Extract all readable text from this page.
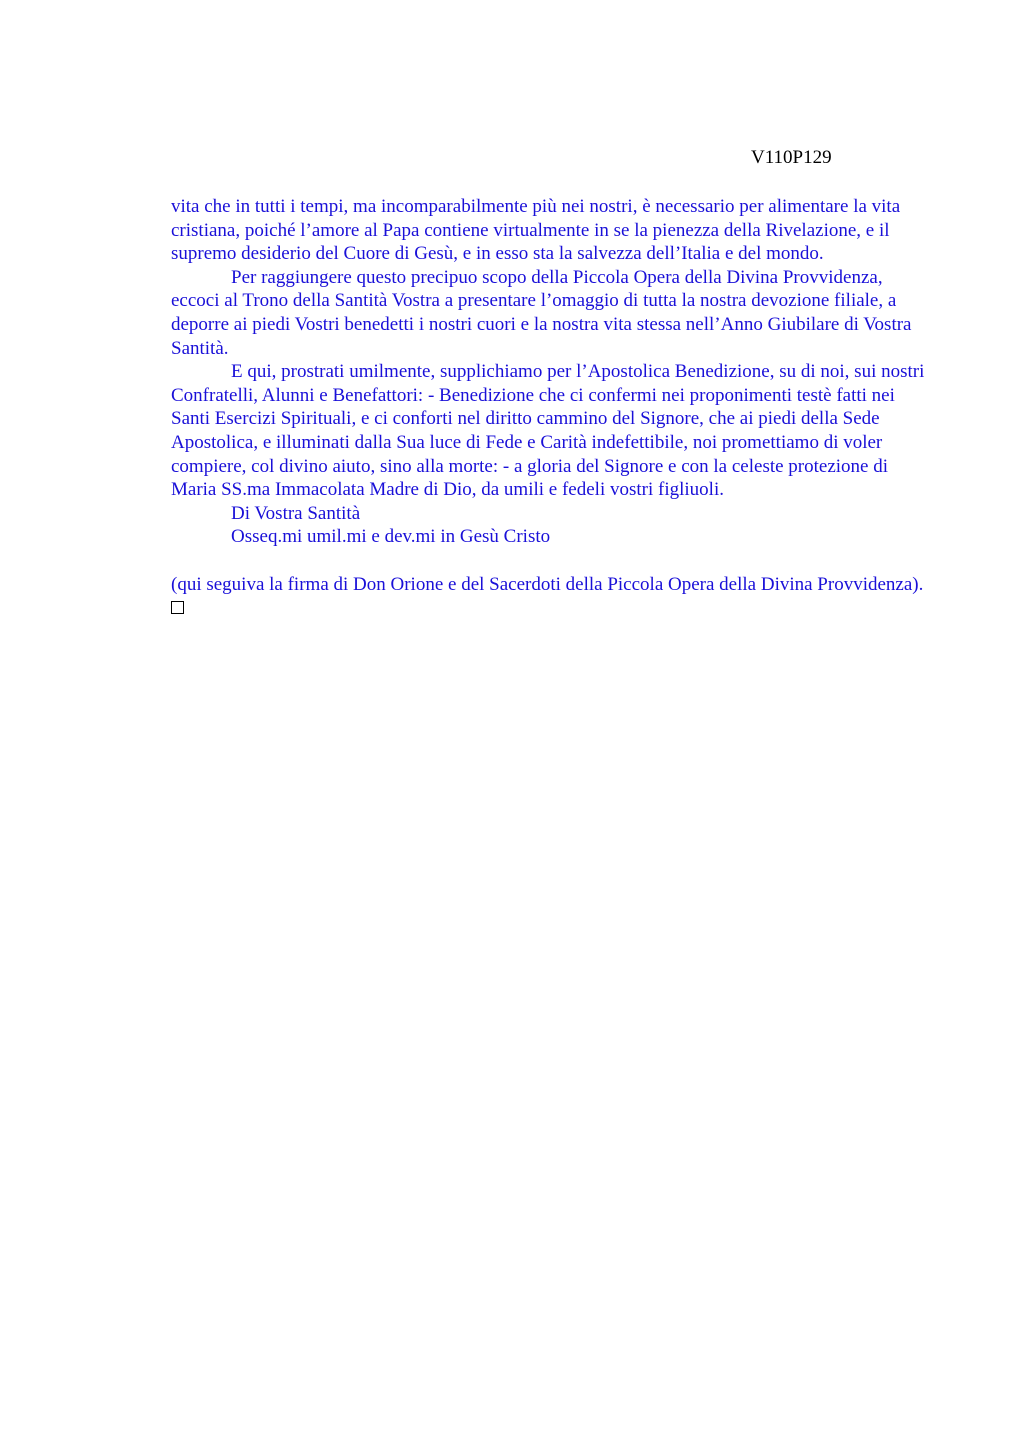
V110P129

vita che in tutti i tempi, ma incomparabilmente più nei nostri, è necessario per alimentare la vita cristiana, poiché l’amore al Papa contiene virtualmente in se la pienezza della Rivelazione, e il supremo desiderio del Cuore di Gesù, e in esso sta la salvezza dell’Italia e del mondo.

Per raggiungere questo precipuo scopo della Piccola Opera della Divina Provvidenza, eccoci al Trono della Santità Vostra a presentare l’omaggio di tutta la nostra devozione filiale, a deporre ai piedi Vostri benedetti i nostri cuori e la nostra vita stessa nell’Anno Giubilare di Vostra Santità.

E qui, prostrati umilmente, supplichiamo per l’Apostolica Benedizione, su di noi, sui nostri Confratelli, Alunni e Benefattori: - Benedizione che ci confermi nei proponimenti testè fatti nei Santi Esercizi Spirituali, e ci conforti nel diritto cammino del Signore, che ai piedi della Sede Apostolica, e illuminati dalla Sua luce di Fede e Carità indefettibile, noi promettiamo di voler compiere, col divino aiuto, sino alla morte: - a gloria del Signore e con la celeste protezione di Maria SS.ma Immacolata Madre di Dio, da umili e fedeli vostri figliuoli.

Di Vostra Santità

Osseq.mi umil.mi e dev.mi in Gesù Cristo

(qui seguiva la firma di Don Orione e del Sacerdoti della Piccola Opera della Divina Provvidenza).
